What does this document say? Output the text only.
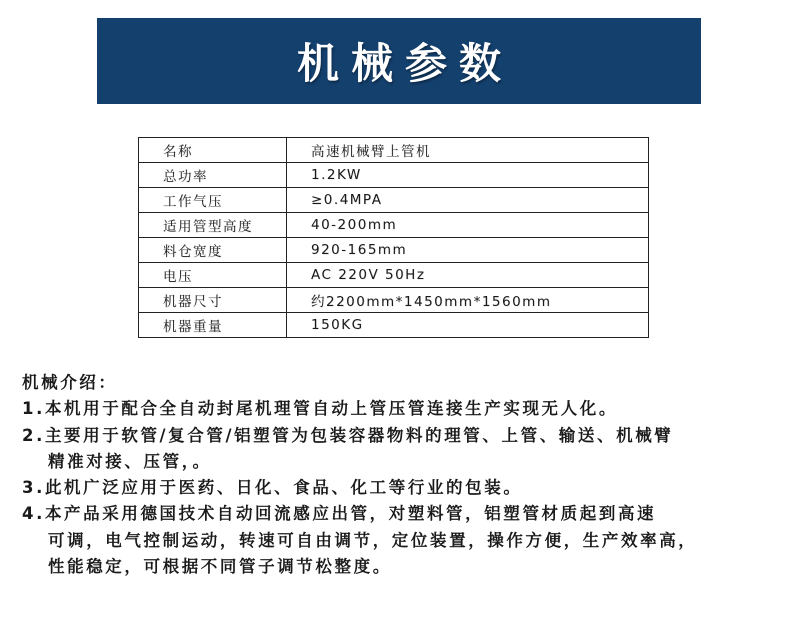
机械参数
名称	高速机械臂上管机
总功率	1.2KW
工作气压	≥0.4MPA
适用管型高度	40-200mm
料仓宽度	920-165mm
电压	AC 220V 50Hz
机器尺寸	约2200mm*1450mm*1560mm
机器重量	150KG

机械介绍：

1.本机用于配合全自动封尾机理管自动上管压管连接生产实现无人化。

2.主要用于软管/复合管/铝塑管为包装容器物料的理管、上管、输送、机械臂

精准对接、压管，。

3.此机广泛应用于医药、日化、食品、化工等行业的包装。

4.本产品采用德国技术自动回流感应出管，对塑料管，铝塑管材质起到高速

可调，电气控制运动，转速可自由调节，定位装置，操作方便，生产效率高，

性能稳定，可根据不同管子调节松整度。
